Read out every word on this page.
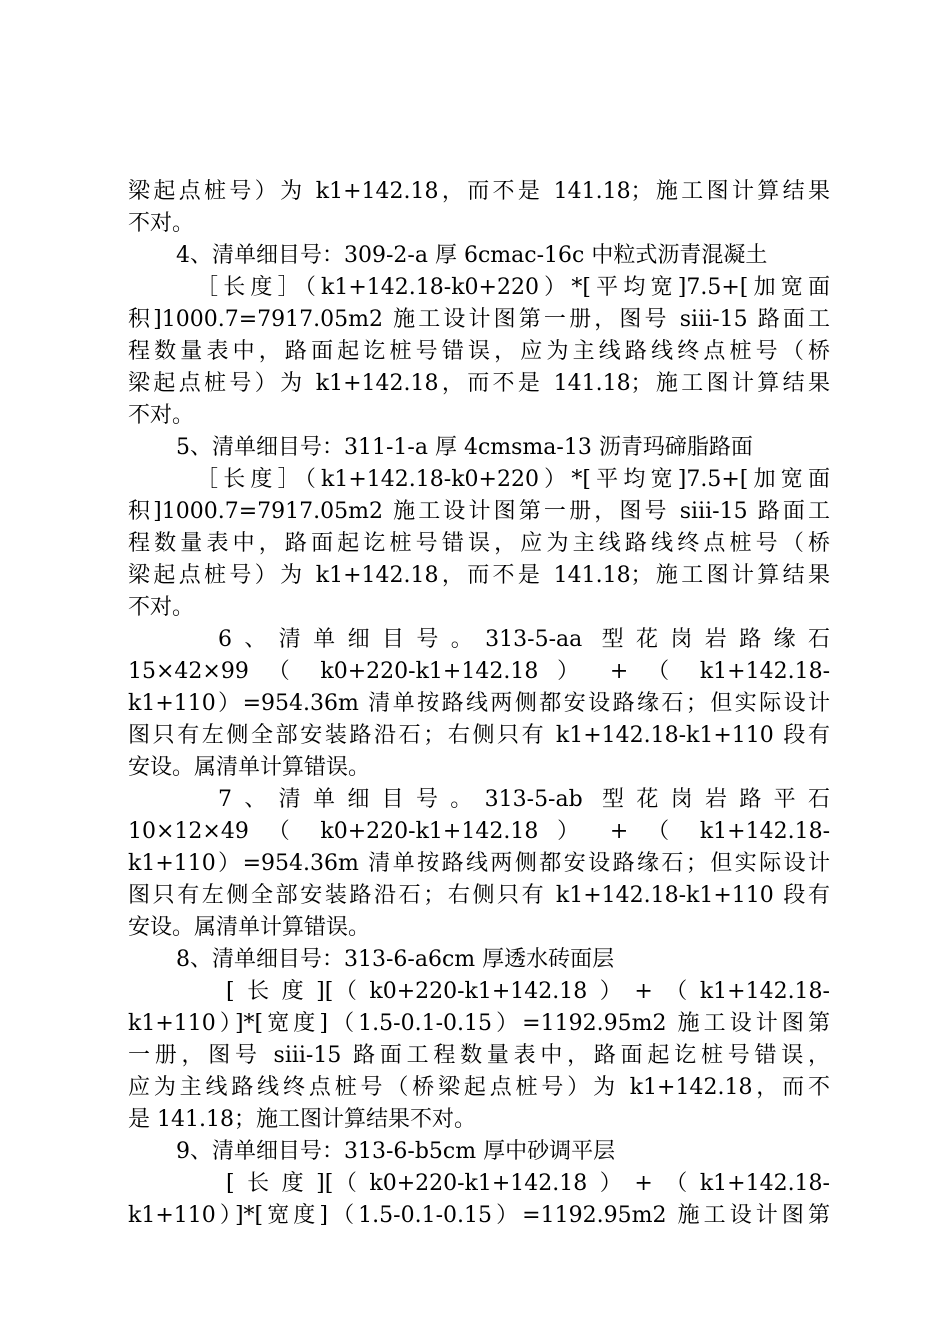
梁起点桩号）为 k1+142.18，而不是 141.18；施工图计算结果
不对。
4、清单细目号：309-2-a 厚 6cmac-16c 中粒式沥青混凝土
［长度］（k1+142.18-k0+220）*[平均宽]7.5+[加宽面
积]1000.7=7917.05m2 施工设计图第一册，图号 siii-15 路面工
程数量表中，路面起讫桩号错误，应为主线路线终点桩号（桥
梁起点桩号）为 k1+142.18，而不是 141.18；施工图计算结果
不对。
5、清单细目号：311-1-a 厚 4cmsma-13 沥青玛碲脂路面
［长度］（k1+142.18-k0+220）*[平均宽]7.5+[加宽面
积]1000.7=7917.05m2 施工设计图第一册，图号 siii-15 路面工
程数量表中，路面起讫桩号错误，应为主线路线终点桩号（桥
梁起点桩号）为 k1+142.18，而不是 141.18；施工图计算结果
不对。
6、清单细目号。313-5-aa 型花岗岩路缘石
15×42×99 （ k0+220-k1+142.18 ） + （ k1+142.18-
k1+110）=954.36m 清单按路线两侧都安设路缘石；但实际设计
图只有左侧全部安装路沿石；右侧只有 k1+142.18-k1+110 段有
安设。属清单计算错误。
7、清单细目号。313-5-ab 型花岗岩路平石
10×12×49 （ k0+220-k1+142.18 ） + （ k1+142.18-
k1+110）=954.36m 清单按路线两侧都安设路缘石；但实际设计
图只有左侧全部安装路沿石；右侧只有 k1+142.18-k1+110 段有
安设。属清单计算错误。
8、清单细目号：313-6-a6cm 厚透水砖面层
[长度][（k0+220-k1+142.18）+（k1+142.18-
k1+110）]*[宽度]（1.5-0.1-0.15）=1192.95m2 施工设计图第
一册，图号 siii-15 路面工程数量表中，路面起讫桩号错误，
应为主线路线终点桩号（桥梁起点桩号）为 k1+142.18，而不
是 141.18；施工图计算结果不对。
9、清单细目号：313-6-b5cm 厚中砂调平层
[长度][（k0+220-k1+142.18）+（k1+142.18-
k1+110）]*[宽度]（1.5-0.1-0.15）=1192.95m2 施工设计图第
